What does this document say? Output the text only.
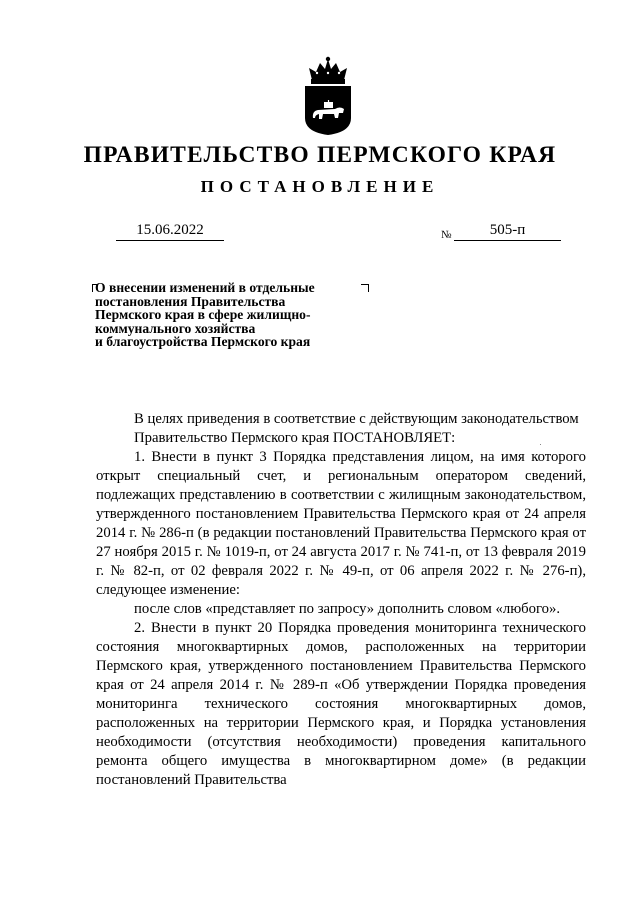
ПРАВИТЕЛЬСТВО ПЕРМСКОГО КРАЯ
ПОСТАНОВЛЕНИЕ
15.06.2022	№	505-п
О внесении изменений в отдельные
постановления Правительства
Пермского края в сфере жилищно-
коммунального хозяйства
и благоустройства Пермского края

В целях приведения в соответствие с действующим законодательством

Правительство Пермского края ПОСТАНОВЛЯЕТ:

1. Внести в пункт 3 Порядка представления лицом, на имя которого открыт специальный счет, и региональным оператором сведений, подлежащих представлению в соответствии с жилищным законодательством, утвержденного постановлением Правительства Пермского края от 24 апреля 2014 г. № 286-п (в редакции постановлений Правительства Пермского края от 27 ноября 2015 г. № 1019-п, от 24 августа 2017 г. № 741-п, от 13 февраля 2019 г. № 82-п, от 02 февраля 2022 г. № 49-п, от 06 апреля 2022 г. № 276-п), следующее изменение:

после слов «представляет по запросу» дополнить словом «любого».

2. Внести в пункт 20 Порядка проведения мониторинга технического состояния многоквартирных домов, расположенных на территории Пермского края, утвержденного постановлением Правительства Пермского края от 24 апреля 2014 г. № 289-п «Об утверждении Порядка проведения мониторинга технического состояния многоквартирных домов, расположенных на территории Пермского края, и Порядка установления необходимости (отсутствия необходимости) проведения капитального ремонта общего имущества в многоквартирном доме» (в редакции постановлений Правительства
